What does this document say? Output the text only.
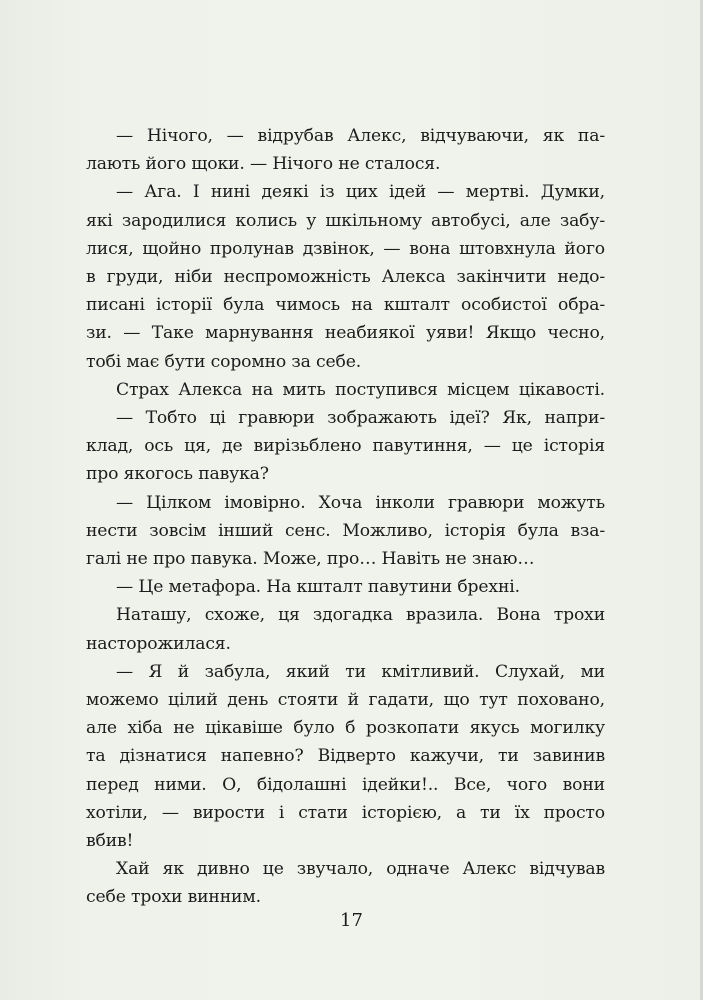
— Нічого, — відрубав Алекс, відчуваючи, як па-
лають його щоки. — Нічого не сталося.
— Ага. І нині деякі із цих ідей — мертві. Думки,
які зародилися колись у шкільному автобусі, але забу-
лися, щойно пролунав дзвінок, — вона штовхнула його
в груди, ніби неспроможність Алекса закінчити недо-
писані історії була чимось на кшталт особистої обра-
зи. — Таке марнування неабиякої уяви! Якщо чесно,
тобі має бути соромно за себе.
Страх Алекса на мить поступився місцем цікавості.
— Тобто ці гравюри зображають ідеї? Як, напри-
клад, ось ця, де вирізьблено павутиння, — це історія
про якогось павука?
— Цілком імовірно. Хоча інколи гравюри можуть
нести зовсім інший сенс. Можливо, історія була вза-
галі не про павука. Може, про… Навіть не знаю…
— Це метафора. На кшталт павутини брехні.
Наташу, схоже, ця здогадка вразила. Вона трохи
насторожилася.
— Я й забула, який ти кмітливий. Слухай, ми
можемо цілий день стояти й гадати, що тут поховано,
але хіба не цікавіше було б розкопати якусь могилку
та дізнатися напевно? Відверто кажучи, ти завинив
перед ними. О, бідолашні ідейки!.. Все, чого вони
хотіли, — вирости і стати історією, а ти їх просто
вбив!
Хай як дивно це звучало, одначе Алекс відчував
себе трохи винним.
17
